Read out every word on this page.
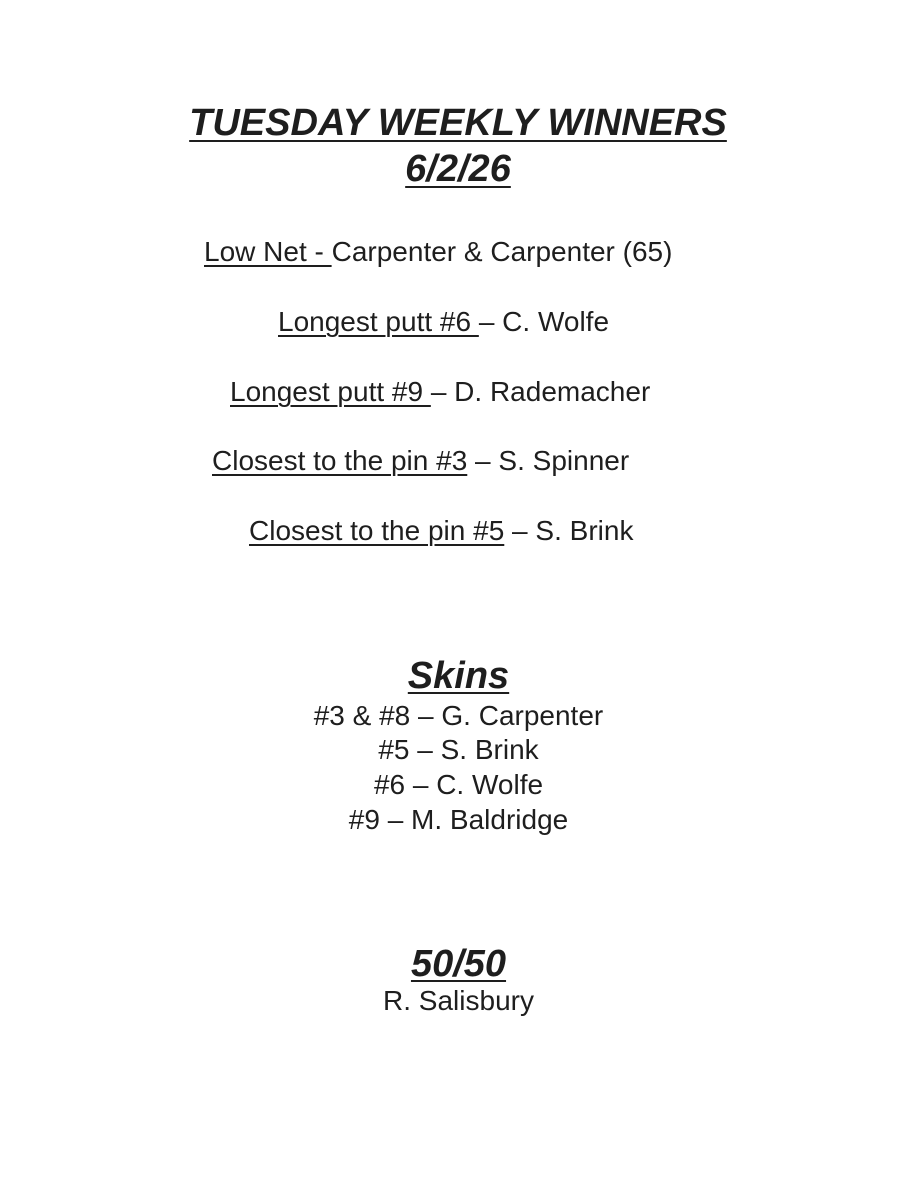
TUESDAY WEEKLY WINNERS
6/2/26
Low Net - Carpenter & Carpenter (65)
Longest putt #6 – C. Wolfe
Longest putt #9 – D. Rademacher
Closest to the pin #3 – S. Spinner
Closest to the pin #5 – S. Brink
Skins
#3 & #8 – G. Carpenter
#5 – S. Brink
#6 – C. Wolfe
#9 – M. Baldridge
50/50
R. Salisbury
